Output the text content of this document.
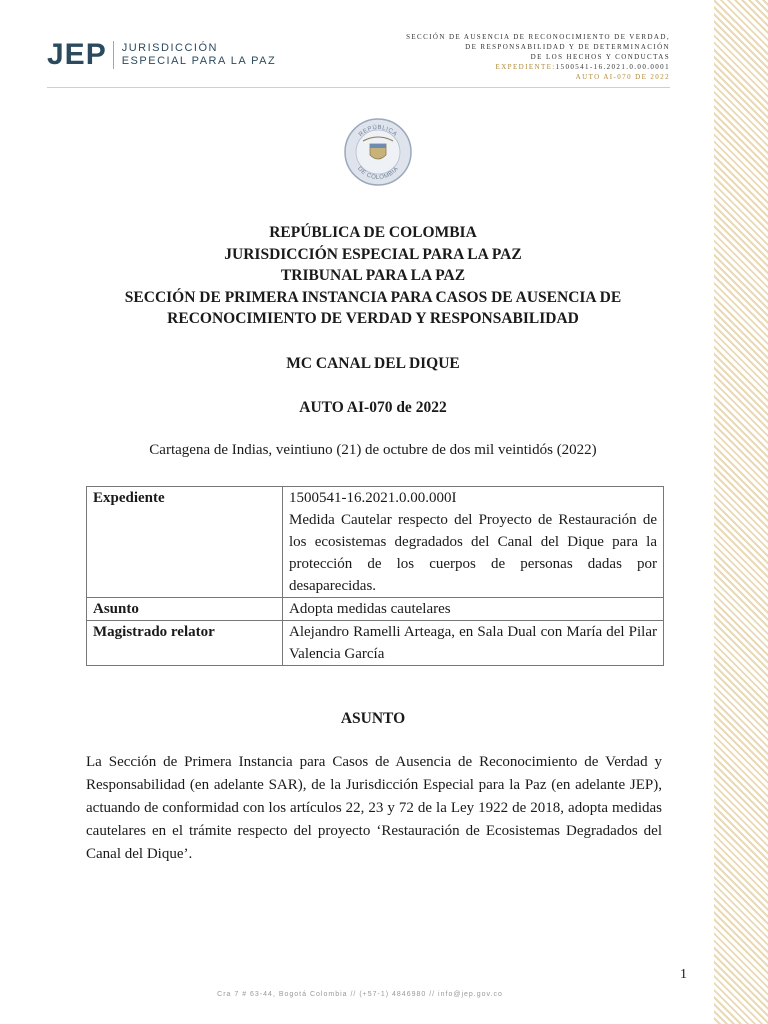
JEP JURISDICCIÓN
ESPECIAL PARA LA PAZ
SECCIÓN DE AUSENCIA DE RECONOCIMIENTO DE VERDAD,
DE RESPONSABILIDAD Y DE DETERMINACIÓN
DE LOS HECHOS Y CONDUCTAS
EXPEDIENTE:1500541-16.2021.0.00.0001
AUTO AI-070 DE 2022
REPÚBLICA
DE COLOMBIA
REPÚBLICA DE COLOMBIA
JURISDICCIÓN ESPECIAL PARA LA PAZ
TRIBUNAL PARA LA PAZ
SECCIÓN DE PRIMERA INSTANCIA PARA CASOS DE AUSENCIA DE
RECONOCIMIENTO DE VERDAD Y RESPONSABILIDAD
MC CANAL DEL DIQUE
AUTO AI-070 de 2022
Cartagena de Indias, veintiuno (21) de octubre de dos mil veintidós (2022)
Expediente	1500541-16.2021.0.00.000I
Medida Cautelar respecto del Proyecto de Restauración de los ecosistemas degradados del Canal del Dique para la protección de los cuerpos de personas dadas por desaparecidas.

Asunto	Adopta medidas cautelares
Magistrado relator	Alejandro Ramelli Arteaga, en Sala Dual con María del Pilar Valencia García
ASUNTO
La Sección de Primera Instancia para Casos de Ausencia de Reconocimiento de Verdad y Responsabilidad (en adelante SAR), de la Jurisdicción Especial para la Paz (en adelante JEP), actuando de conformidad con los artículos 22, 23 y 72 de la Ley 1922 de 2018, adopta medidas cautelares en el trámite respecto del proyecto ‘Restauración de Ecosistemas Degradados del Canal del Dique’.
1
Cra 7 # 63-44, Bogotá Colombia // (+57-1) 4846980 // info@jep.gov.co
